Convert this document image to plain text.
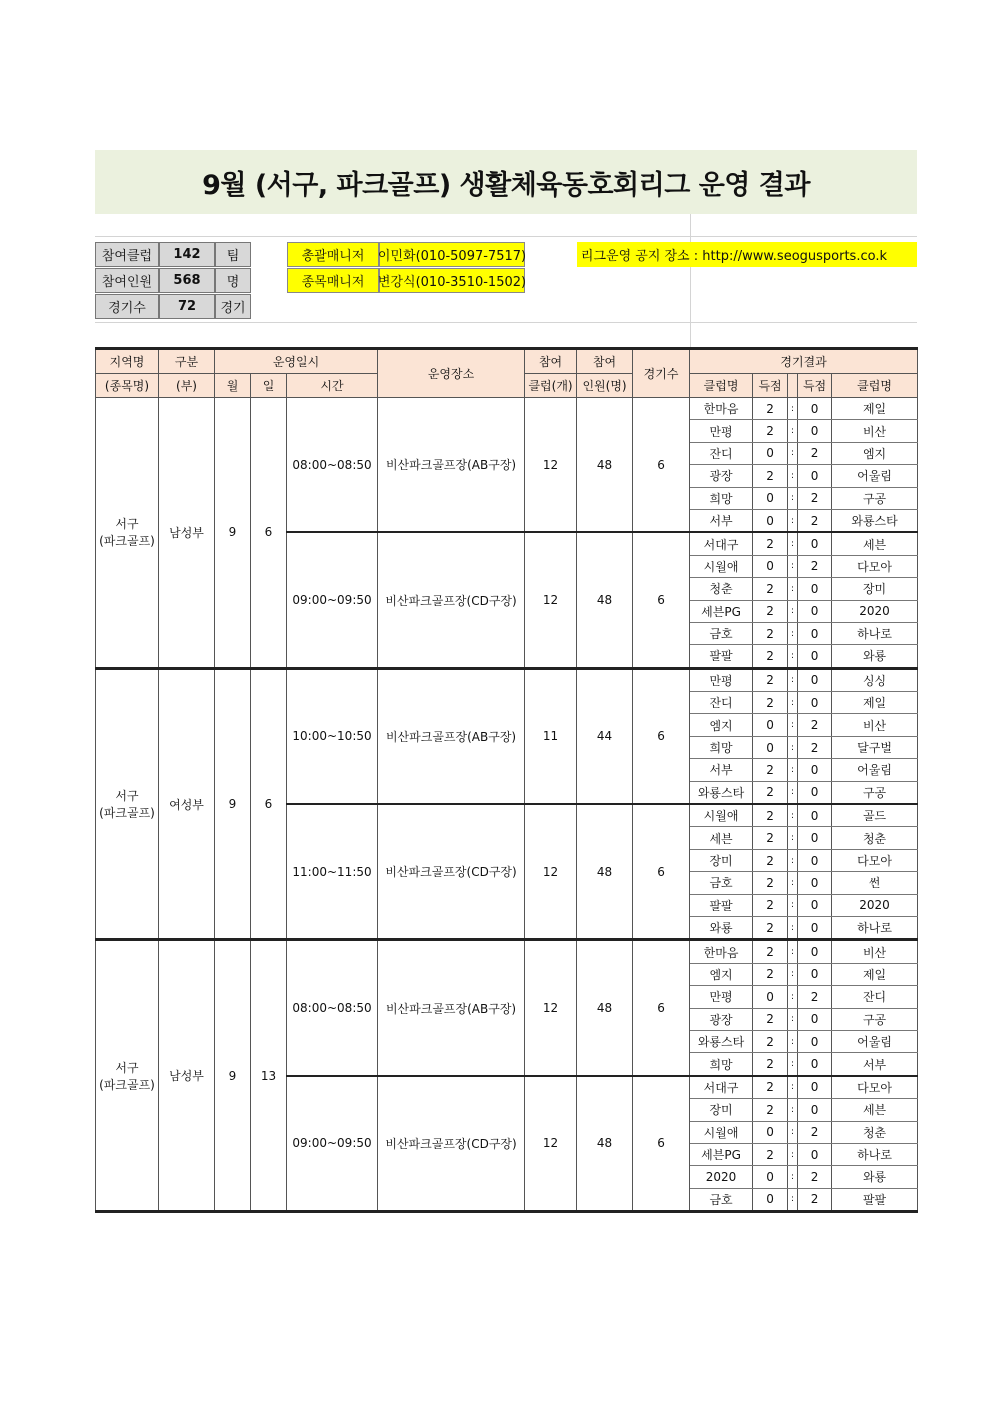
9월 (서구, 파크골프) 생활체육동호회리그 운영 결과
참여클럽	142	팀
참여인원	568	명
경기수	72	경기
총괄매니저	이민화(010-5097-7517)
종목매니저	변강식(010-3510-1502)
리그운영 공지 장소 : http://www.seogusports.co.k
지역명	구분	운영일시			운영장소	참여	참여	경기수	경기결과				
(종목명)	(부)	월	일	시간		클럽(개)	인원(명)		클럽명	득점		득점	클럽명

서구
(파크골프)	남성부	9	6	08:00~08:50	비산파크골프장(AB구장)	12	48	6	한마음	2	:	0	제일
									만평	2	:	0	비산
									잔디	0	:	2	엠지
									광장	2	:	0	어울림
									희망	0	:	2	구공
									서부	0	:	2	와룡스타
				09:00~09:50	비산파크골프장(CD구장)	12	48	6	서대구	2	:	0	세븐
									시월애	0	:	2	다모아
									청춘	2	:	0	장미
									세븐PG	2	:	0	2020
									금호	2	:	0	하나로
									팔팔	2	:	0	와룡

서구
(파크골프)	여성부	9	6	10:00~10:50	비산파크골프장(AB구장)	11	44	6	만평	2	:	0	싱싱
									잔디	2	:	0	제일
									엠지	0	:	2	비산
									희망	0	:	2	달구벌
									서부	2	:	0	어울림
									와룡스타	2	:	0	구공
				11:00~11:50	비산파크골프장(CD구장)	12	48	6	시월애	2	:	0	골드
									세븐	2	:	0	청춘
									장미	2	:	0	다모아
									금호	2	:	0	썬
									팔팔	2	:	0	2020
									와룡	2	:	0	하나로

서구
(파크골프)	남성부	9	13	08:00~08:50	비산파크골프장(AB구장)	12	48	6	한마음	2	:	0	비산
									엠지	2	:	0	제일
									만평	0	:	2	잔디
									광장	2	:	0	구공
									와룡스타	2	:	0	어울림
									희망	2	:	0	서부
				09:00~09:50	비산파크골프장(CD구장)	12	48	6	서대구	2	:	0	다모아
									장미	2	:	0	세븐
									시월애	0	:	2	청춘
									세븐PG	2	:	0	하나로
									2020	0	:	2	와룡
									금호	0	:	2	팔팔
